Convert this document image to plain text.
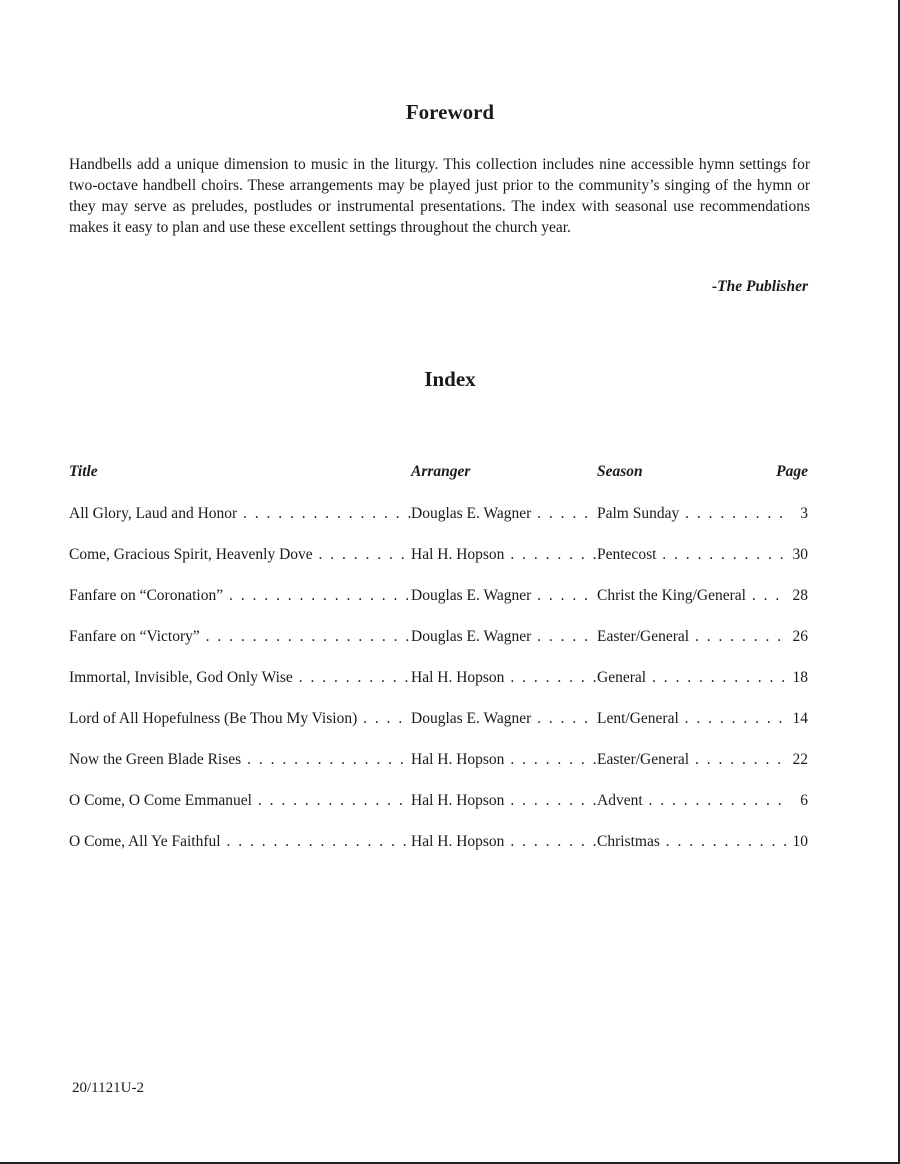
Foreword

Handbells add a unique dimension to music in the liturgy. This collection includes nine accessible hymn settings for two-octave handbell choirs. These arrangements may be played just prior to the community’s singing of the hymn or they may serve as preludes, postludes or instrumental presentations. The index with seasonal use recommendations makes it easy to plan and use these excellent settings throughout the church year.

-The Publisher

Index
Title	Arranger	Season	Page
All Glory, Laud and Honor . . .	Douglas E. Wagner . . .	Palm Sunday . . .	3
Come, Gracious Spirit, Heavenly Dove . . .	Hal H. Hopson . . .	Pentecost . . .	30
Fanfare on “Coronation” . . .	Douglas E. Wagner . . .	Christ the King/General . . .	28
Fanfare on “Victory” . . .	Douglas E. Wagner . . .	Easter/General . . .	26
Immortal, Invisible, God Only Wise . . .	Hal H. Hopson . . .	General . . .	18
Lord of All Hopefulness (Be Thou My Vision) . . .	Douglas E. Wagner . . .	Lent/General . . .	14
Now the Green Blade Rises . . .	Hal H. Hopson . . .	Easter/General . . .	22
O Come, O Come Emmanuel . . .	Hal H. Hopson . . .	Advent . . .	6
O Come, All Ye Faithful . . .	Hal H. Hopson . . .	Christmas . . .	10

20/1121U-2
